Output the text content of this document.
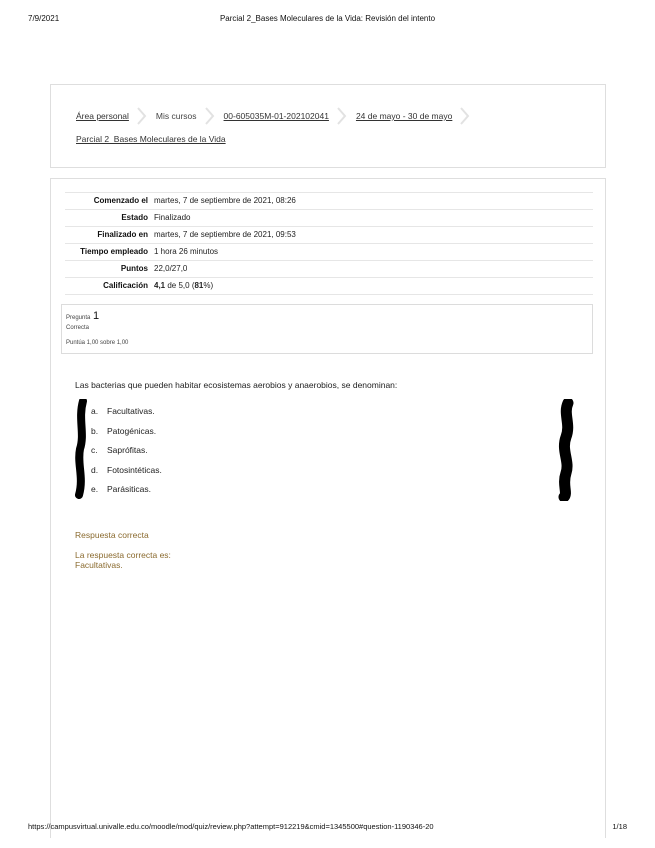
7/9/2021	Parcial 2_Bases Moleculares de la Vida: Revisión del intento
Área personal	Mis cursos	00-605035M-01-202102041	24 de mayo - 30 de mayo
Parcial 2_Bases Moleculares de la Vida
Comenzado el	martes, 7 de septiembre de 2021, 08:26
Estado	Finalizado
Finalizado en	martes, 7 de septiembre de 2021, 09:53
Tiempo empleado	1 hora 26 minutos
Puntos	22,0/27,0
Calificación	4,1 de 5,0 (81%)
Pregunta 1
Correcta
Puntúa 1,00 sobre 1,00
Las bacterias que pueden habitar ecosistemas aerobios y anaerobios, se denominan:
a. Facultativas.
b. Patogénicas.
c. Saprófitas.
d. Fotosintéticas.
e. Parásiticas.
Respuesta correcta
La respuesta correcta es:
Facultativas.
https://campusvirtual.univalle.edu.co/moodle/mod/quiz/review.php?attempt=912219&cmid=1345500#question-1190346-20	1/18
